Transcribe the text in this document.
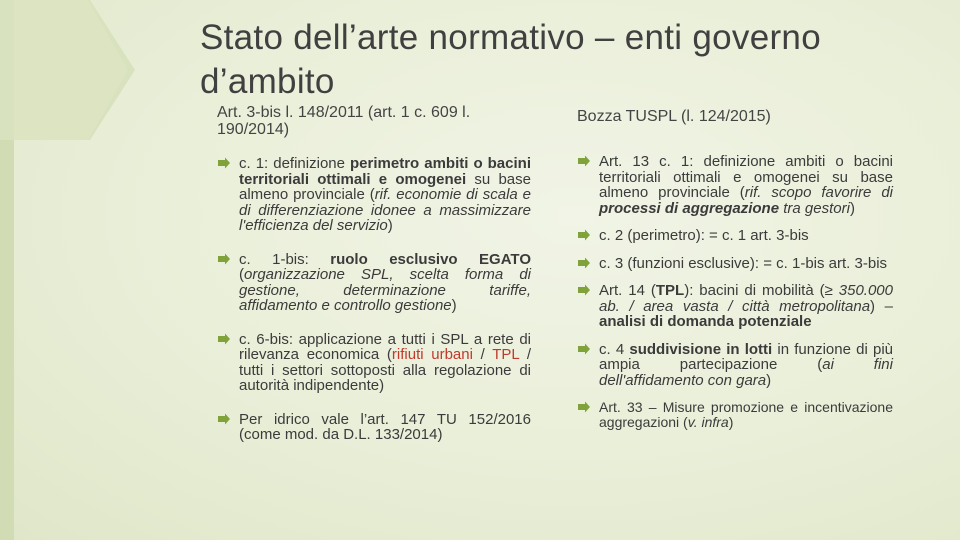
Stato dell’arte normativo – enti governo d’ambito
Art. 3-bis l. 148/2011 (art. 1 c. 609 l. 190/2014)
c. 1: definizione perimetro ambiti o bacini territoriali ottimali e omogenei su base almeno provinciale (rif. economie di scala e di differenziazione idonee a massimizzare l'efficienza del servizio)
c. 1-bis: ruolo esclusivo EGATO (organizzazione SPL, scelta forma di gestione, determinazione tariffe, affidamento e controllo gestione)
c. 6-bis: applicazione a tutti i SPL a rete di rilevanza economica (rifiuti urbani / TPL / tutti i settori sottoposti alla regolazione di autorità indipendente)
Per idrico vale l’art. 147 TU 152/2016 (come mod. da D.L. 133/2014)
Bozza TUSPL (l. 124/2015)
Art. 13 c. 1: definizione ambiti o bacini territoriali ottimali e omogenei su base almeno provinciale (rif. scopo favorire di processi di aggregazione tra gestori)
c. 2 (perimetro): = c. 1 art. 3-bis
c. 3 (funzioni esclusive): = c. 1-bis art. 3-bis
Art. 14 (TPL): bacini di mobilità (≥ 350.000 ab. / area vasta / città metropolitana) – analisi di domanda potenziale
c. 4 suddivisione in lotti in funzione di più ampia partecipazione (ai fini dell'affidamento con gara)
Art. 33 – Misure promozione e incentivazione aggregazioni (v. infra)
